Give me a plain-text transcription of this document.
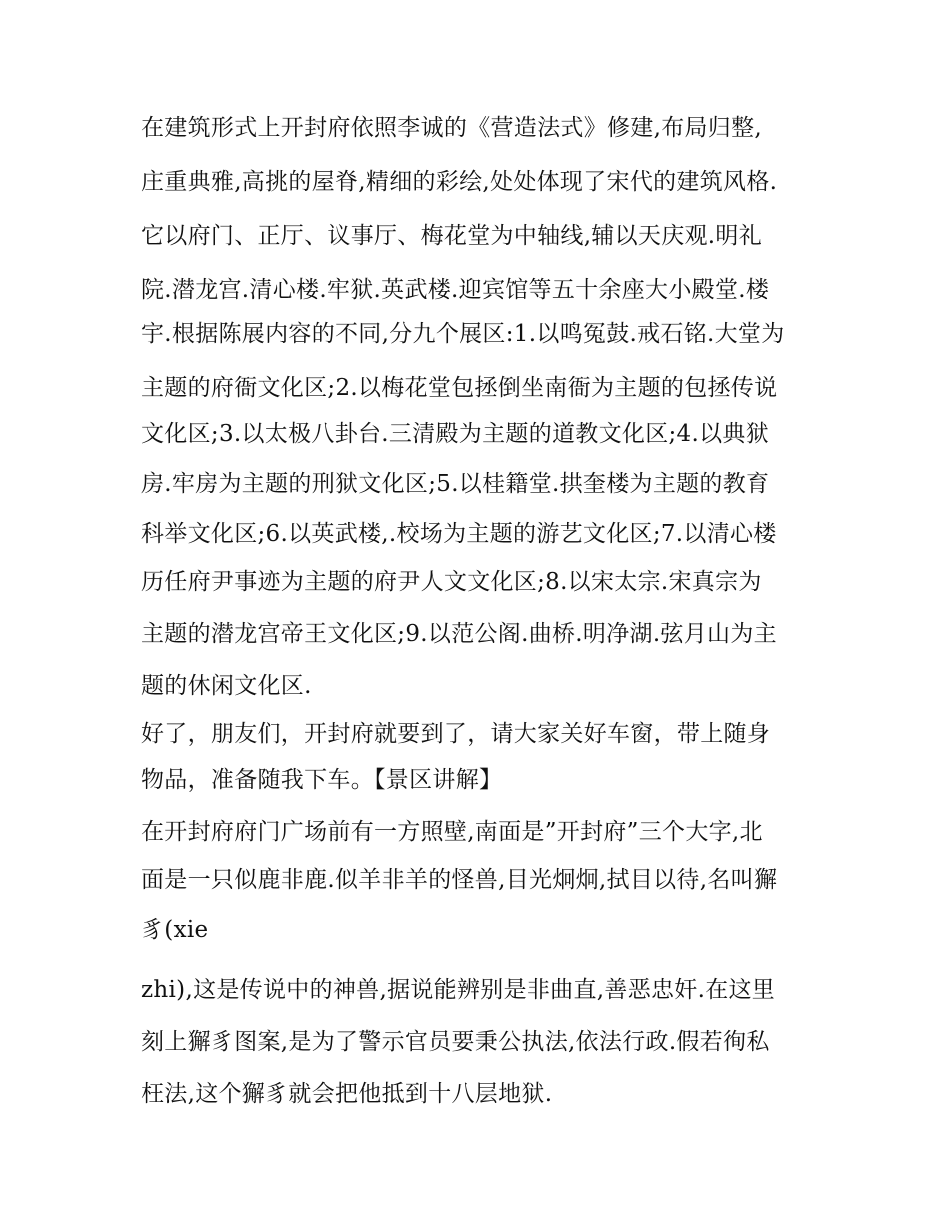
在建筑形式上开封府依照李诚的《营造法式》修建,布局归整,
庄重典雅,高挑的屋脊,精细的彩绘,处处体现了宋代的建筑风格.
它以府门、正厅、议事厅、梅花堂为中轴线,辅以天庆观.明礼
院.潜龙宫.清心楼.牢狱.英武楼.迎宾馆等五十余座大小殿堂.楼
宇.根据陈展内容的不同,分九个展区:1.以鸣冤鼓.戒石铭.大堂为
主题的府衙文化区;2.以梅花堂包拯倒坐南衙为主题的包拯传说
文化区;3.以太极八卦台.三清殿为主题的道教文化区;4.以典狱
房.牢房为主题的刑狱文化区;5.以桂籍堂.拱奎楼为主题的教育
科举文化区;6.以英武楼,.校场为主题的游艺文化区;7.以清心楼
历任府尹事迹为主题的府尹人文文化区;8.以宋太宗.宋真宗为
主题的潜龙宫帝王文化区;9.以范公阁.曲桥.明净湖.弦月山为主
题的休闲文化区.
好了，朋友们，开封府就要到了，请大家关好车窗，带上随身
物品，准备随我下车。【景区讲解】
在开封府府门广场前有一方照壁,南面是”开封府”三个大字,北
面是一只似鹿非鹿.似羊非羊的怪兽,目光炯炯,拭目以待,名叫獬
豸(xie
zhi),这是传说中的神兽,据说能辨别是非曲直,善恶忠奸.在这里
刻上獬豸图案,是为了警示官员要秉公执法,依法行政.假若徇私
枉法,这个獬豸就会把他抵到十八层地狱.
